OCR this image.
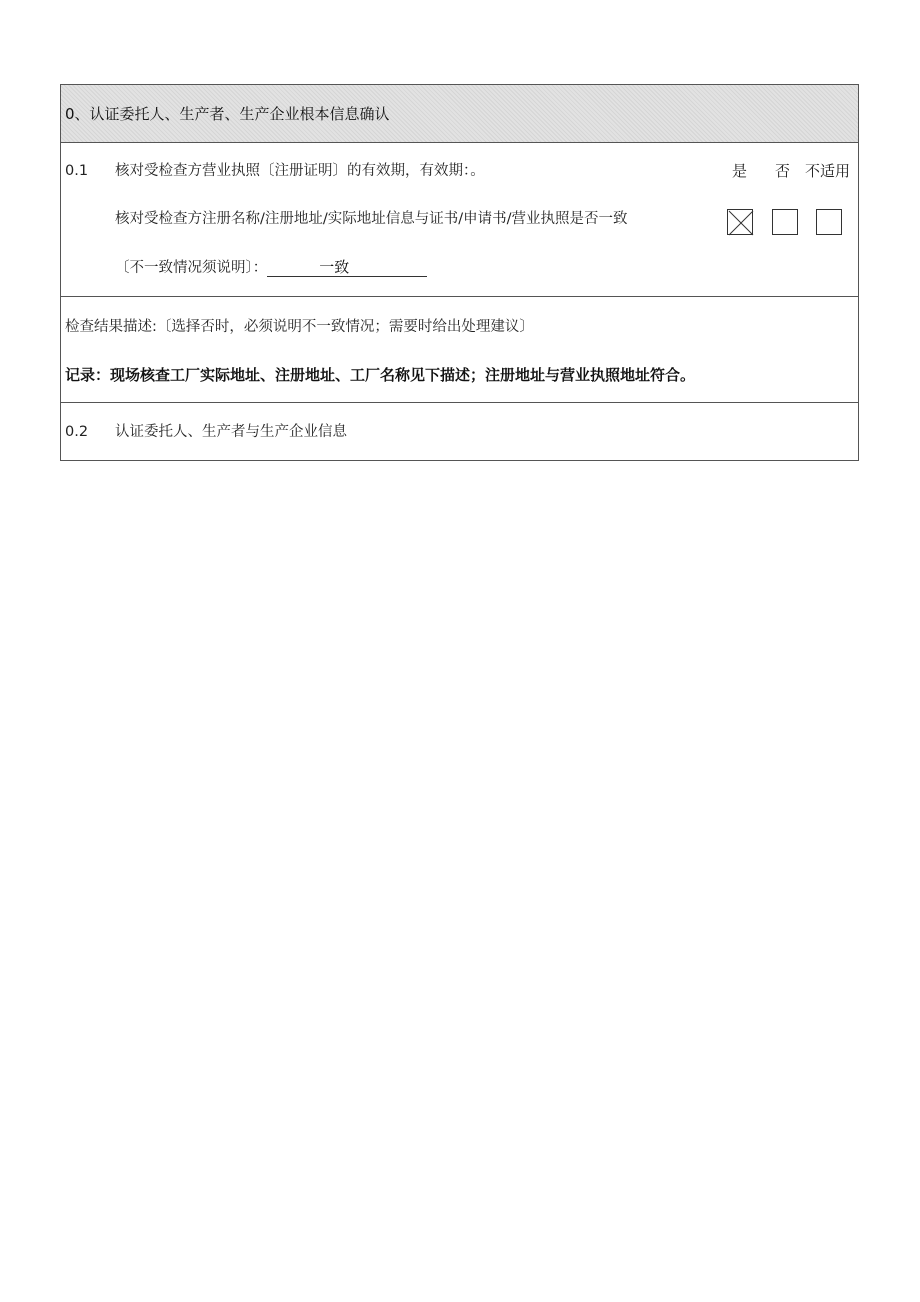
0、认证委托人、生产者、生产企业根本信息确认
0.1 核对受检查方营业执照〔注册证明〕的有效期，有效期：。	是 否 不适用
核对受检查方注册名称/注册地址/实际地址信息与证书/申请书/营业执照是否一致
〔不一致情况须说明〕：	一致
检查结果描述:〔选择否时，必须说明不一致情况；需要时给出处理建议〕
记录：现场核查工厂实际地址、注册地址、工厂名称见下描述；注册地址与营业执照地址符合。
0.2 认证委托人、生产者与生产企业信息
